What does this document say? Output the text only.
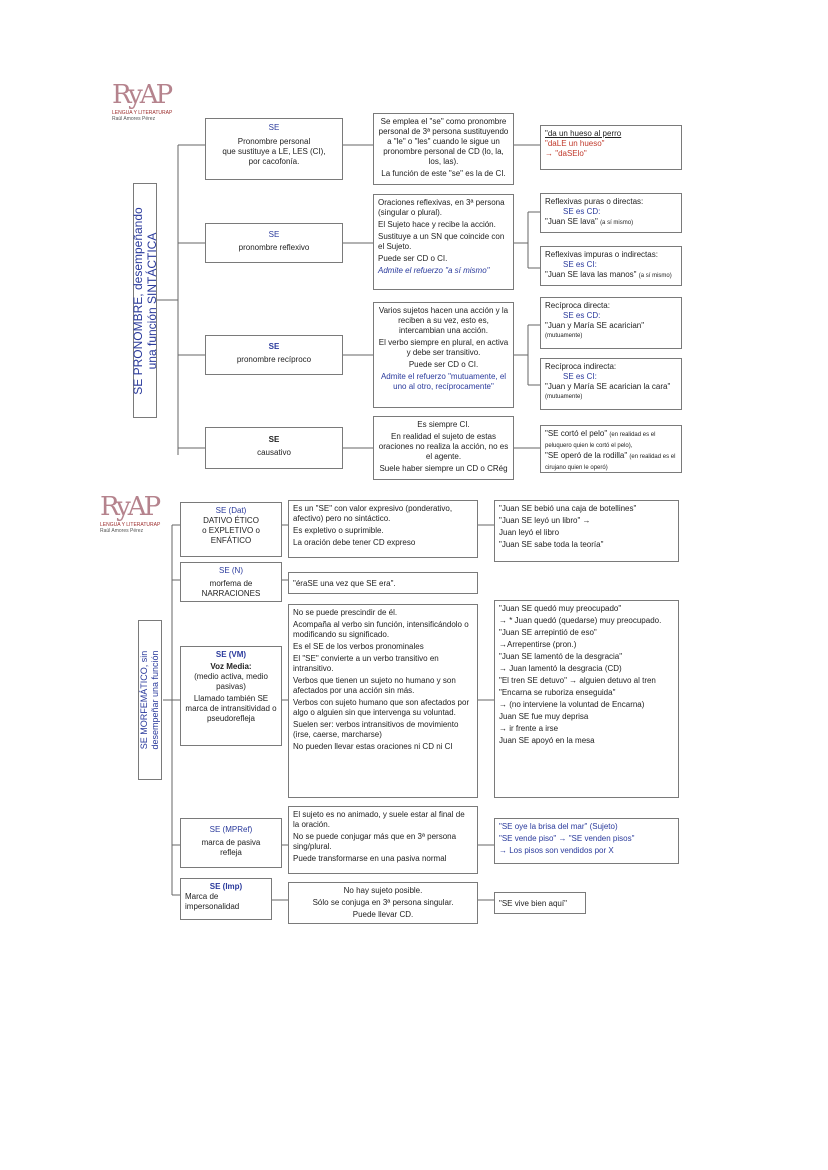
RyAP
LENGUA Y LITERATURAP
Raúl Amores Pérez
RyAP
LENGUA Y LITERATURAP
Raúl Amores Pérez
SE PRONOMBRE, desempeñando una función SINTÁCTICA
SE
Pronombre personal
que sustituye a LE, LES (CI),
por cacofonía.
Se emplea el "se" como pronombre personal de 3ª persona sustituyendo a "le" o "les" cuando le sigue un pronombre personal de CD (lo, la, los, las).
La función de este "se" es la de CI.
"da un hueso al perro
"daLE un hueso"
→ "daSElo"
SE
pronombre reflexivo
Oraciones reflexivas, en 3ª persona (singular o plural).
El Sujeto hace y recibe la acción.
Sustituye a un SN que coincide con el Sujeto.
Puede ser CD o CI.
Admite el refuerzo "a sí mismo"
Reflexivas puras o directas:
SE es CD:
"Juan SE lava" (a sí mismo)
Reflexivas impuras o indirectas:
SE es CI:
"Juan SE lava las manos" (a sí mismo)
SE
pronombre recíproco
Varios sujetos hacen una acción y la reciben a su vez, esto es, intercambian una acción.
El verbo siempre en plural, en activa y debe ser transitivo.
Puede ser CD o CI.
Admite el refuerzo "mutuamente, el uno al otro, recíprocamente"
Recíproca directa:
SE es CD:
"Juan y María SE acarician"
(mutuamente)
Recíproca indirecta:
SE es CI:
"Juan y María SE acarician la cara"
(mutuamente)
SE
causativo
Es siempre CI.
En realidad el sujeto de estas oraciones no realiza la acción, no es el agente.
Suele haber siempre un CD o CRég
"SE cortó el pelo" (en realidad es el peluquero quien le cortó el pelo),
"SE operó de la rodilla" (en realidad es el cirujano quien le operó)
SE MORFEMÁTICO, sin desempeñar una función
SE (Dat)
DATIVO ÉTICO
o EXPLETIVO o
ENFÁTICO
Es un "SE" con valor expresivo (ponderativo, afectivo) pero no sintáctico.
Es expletivo o suprimible.
La oración debe tener CD expreso
"Juan SE bebió una caja de botellines"
"Juan SE leyó un libro" →
Juan leyó el libro
"Juan SE sabe toda la teoría"
SE (N)
morfema de
NARRACIONES
"éraSE una vez que SE era".
SE (VM)
Voz Media:
(medio activa, medio pasivas)
Llamado también SE marca de intransitividad o pseudorefleja
No se puede prescindir de él.
Acompaña al verbo sin función, intensificándolo o modificando su significado.
Es el SE de los verbos pronominales
El "SE" convierte a un verbo transitivo en intransitivo.
Verbos que tienen un sujeto no humano y son afectados por una acción sin más.
Verbos con sujeto humano que son afectados por algo o alguien sin que intervenga su voluntad.
Suelen ser: verbos intransitivos de movimiento (irse, caerse, marcharse)
No pueden llevar estas oraciones ni CD ni CI
"Juan SE quedó muy preocupado"
→ * Juan quedó (quedarse) muy preocupado.
"Juan SE arrepintió de eso"
→Arrepentirse (pron.)
"Juan SE lamentó de la desgracia"
→ Juan lamentó la desgracia (CD)
"El tren SE detuvo" → alguien detuvo al tren
"Encarna se ruboriza enseguida"
→ (no interviene la voluntad de Encarna)
Juan SE fue muy deprisa
→ ir frente a irse
Juan SE apoyó en la mesa
SE (MPRef)
marca de pasiva
refleja
El sujeto es no animado, y suele estar al final de la oración.
No se puede conjugar más que en 3ª persona sing/plural.
Puede transformarse en una pasiva normal
"SE oye la brisa del mar" (Sujeto)
"SE vende piso" → "SE venden pisos"
→ Los pisos son vendidos por X
SE (Imp)
Marca de
impersonalidad
No hay sujeto posible.
Sólo se conjuga en 3ª persona singular.
Puede llevar CD.
"SE vive bien aquí"
